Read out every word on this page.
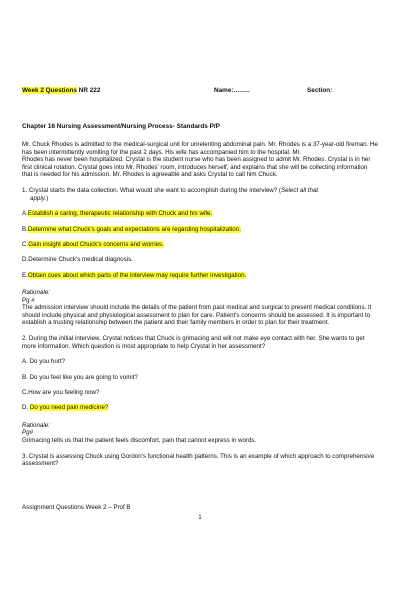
Week 2 Questions NR 222	Name:……..	Section:
Chapter 16 Nursing Assessment/Nursing Process- Standards P/P

Mr. Chuck Rhodes is admitted to the medical-surgical unit for unrelenting abdominal pain. Mr. Rhodes is a 37-year-old fireman. He has been intermittently vomiting for the past 2 days. His wife has accompanied him to the hospital. Mr.

Rhodes has never been hospitalized. Crystal is the student nurse who has been assigned to admit Mr. Rhodes. Crystal is in her first clinical rotation. Crystal goes into Mr. Rhodes' room, introduces herself, and explains that she will be collecting information that is needed for his admission. Mr. Rhodes is agreeable and asks Crystal to call him Chuck.

1. Crystal starts the data collection. What would she want to accomplish during the interview? (Select all that
apply.)

A.Establish a caring, therapeutic relationship with Chuck and his wife.

B.Determine what Chuck's goals and expectations are regarding hospitalization.

C.Gain insight about Chuck's concerns and worries.

D.Determine Chuck's medical diagnosis.

E.Obtain cues about which parts of the interview may require further investigation.

Rationale:

Pg #

The admission interview should include the details of the patient from past medical and surgical to present medical conditions. It should include physical and physiological assessment to plan for care. Patient's concerns should be assessed. It is important to establish a trusting relationship between the patient and their family members in order to plan for their treatment.

2. During the initial interview, Crystal notices that Chuck is grimacing and will not make eye contact with her. She wants to get more information. Which question is most appropriate to help Crystal in her assessment?

A. Do you hurt?

B. Do you feel like you are going to vomit?

C.How are you feeling now?

D. Do you need pain medicine?

Rationale:

Pg#

Grimacing tells us that the patient feels discomfort, pain that cannot express in words.

3. Crystal is assessing Chuck using Gordon's functional health patterns. This is an example of which approach to comprehensive assessment?

Assignment Questions Week 2 – Prof B
1
